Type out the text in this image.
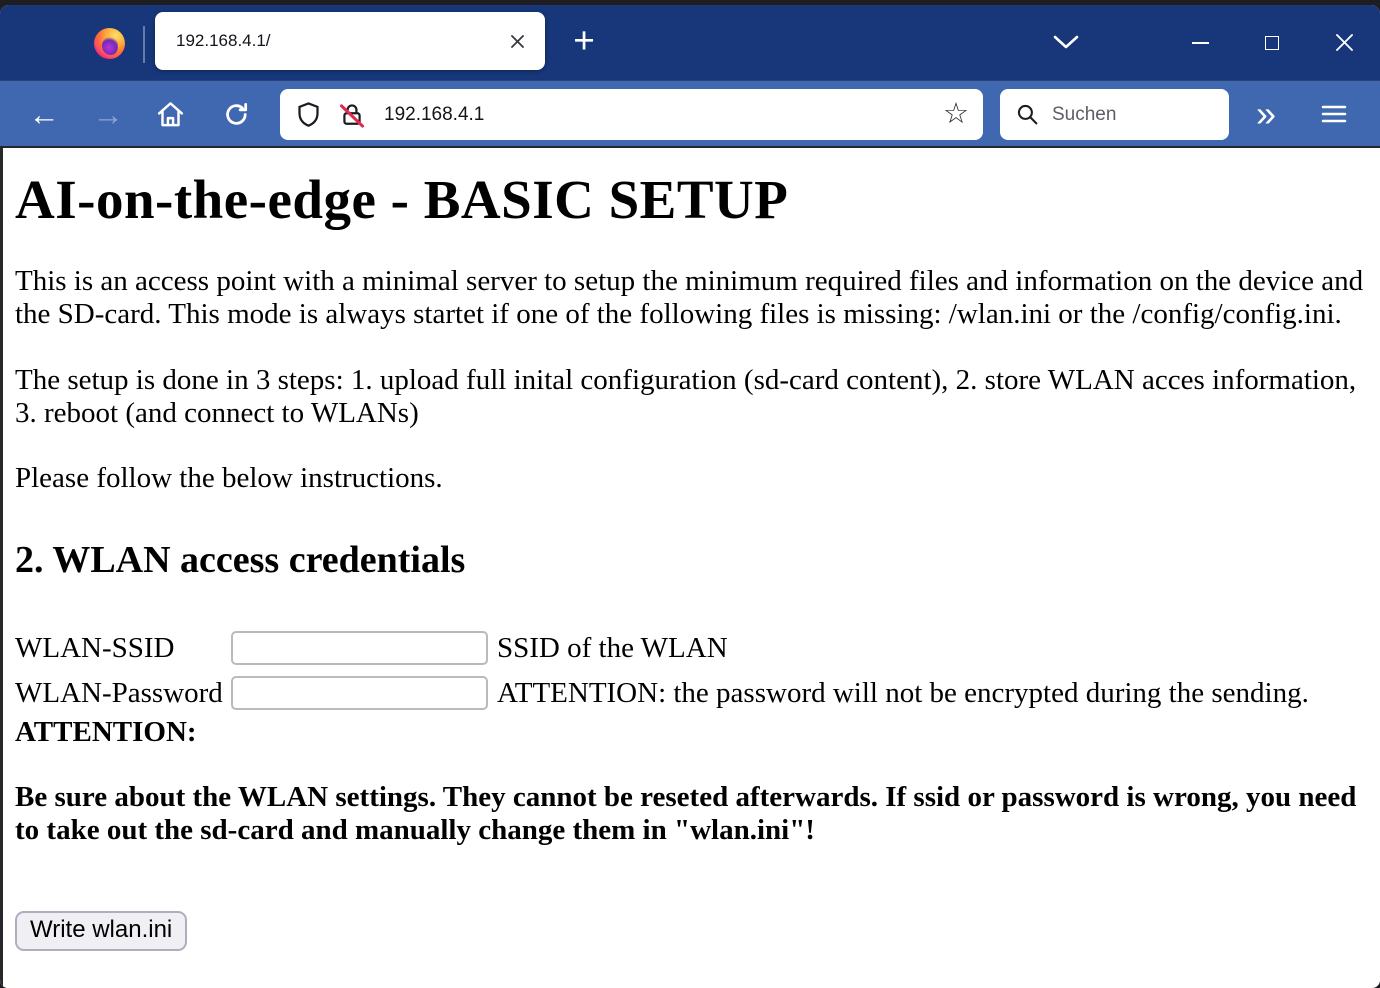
192.168.4.1/	+
← →	192.168.4.1	☆
Suchen	»
AI-on-the-edge - BASIC SETUP

This is an access point with a minimal server to setup the minimum required files and information on the device and the SD-card. This mode is always startet if one of the following files is missing: /wlan.ini or the /config/config.ini.

The setup is done in 3 steps: 1. upload full inital configuration (sd-card content), 2. store WLAN acces information, 3. reboot (and connect to WLANs)

Please follow the below instructions.

2. WLAN access credentials
WLAN-SSID	SSID of the WLAN
WLAN-Password	ATTENTION: the password will not be encrypted during the sending.

ATTENTION:

Be sure about the WLAN settings. They cannot be reseted afterwards. If ssid or password is wrong, you need to take out the sd-card and manually change them in "wlan.ini"!

Write wlan.ini
